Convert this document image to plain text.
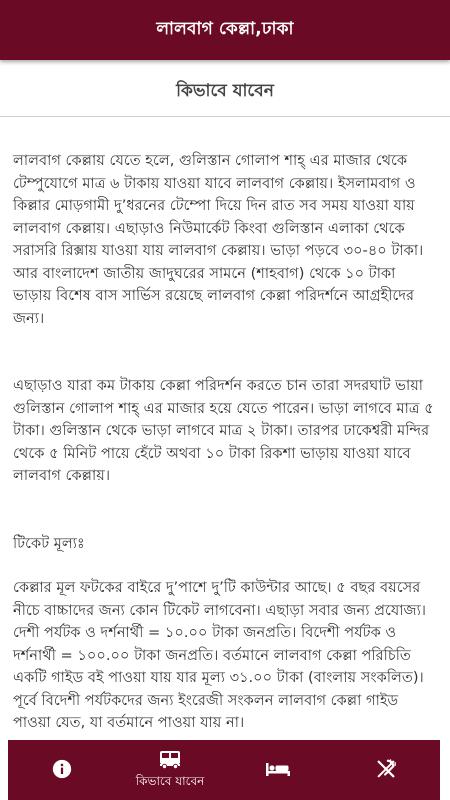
লালবাগ কেল্লা,ঢাকা
কিভাবে যাবেন

লালবাগ কেল্লায় যেতে হলে, গুলিস্তান গোলাপ শাহ্‌ এর মাজার থেকে টেম্পুযোগে মাত্র ৬ টাকায় যাওয়া যাবে লালবাগ কেল্লায়। ইসলামবাগ ও কিল্লার মোড়গামী দু’ধরনের টেম্পো দিয়ে দিন রাত সব সময় যাওয়া যায় লালবাগ কেল্লায়। এছাড়াও নিউমার্কেট কিংবা গুলিস্তান এলাকা থেকে সরাসরি রিক্সায় যাওয়া যায় লালবাগ কেল্লায়। ভাড়া পড়বে ৩০-৪০ টাকা। আর বাংলাদেশ জাতীয় জাদুঘরের সামনে (শাহবাগ) থেকে ১০ টাকা ভাড়ায় বিশেষ বাস সার্ভিস রয়েছে লালবাগ কেল্লা পরিদর্শনে আগ্রহীদের জন্য।

এছাড়াও যারা কম টাকায় কেল্লা পরিদর্শন করতে চান তারা সদরঘাট ভায়া গুলিস্তান গোলাপ শাহ্‌ এর মাজার হয়ে যেতে পারেন। ভাড়া লাগবে মাত্র ৫ টাকা। গুলিস্তান থেকে ভাড়া লাগবে মাত্র ২ টাকা। তারপর ঢাকেশ্বরী মন্দির থেকে ৫ মিনিট পায়ে হেঁটে অথবা ১০ টাকা রিকশা ভাড়ায় যাওয়া যাবে লালবাগ কেল্লায়।

টিকেট মূল্যঃ

কেল্লার মূল ফটকের বাইরে দু’পাশে দু’টি কাউন্টার আছে। ৫ বছর বয়সের নীচে বাচ্চাদের জন্য কোন টিকেট লাগবেনা। এছাড়া সবার জন্য প্রযোজ্য। দেশী পর্যটক ও দর্শনার্থী = ১০.০০ টাকা জনপ্রতি। বিদেশী পর্যটক ও দর্শনার্থী = ১০০.০০ টাকা জনপ্রতি। বর্তমানে লালবাগ কেল্লা পরিচিতি একটি গাইড বই পাওয়া যায় যার মূল্য ৩১.০০ টাকা (বাংলায় সংকলিত)। পূর্বে বিদেশী পর্যটকদের জন্য ইংরেজী সংকলন লালবাগ কেল্লা গাইড পাওয়া যেত, যা বর্তমানে পাওয়া যায় না।

কিভাবে যাবেন
